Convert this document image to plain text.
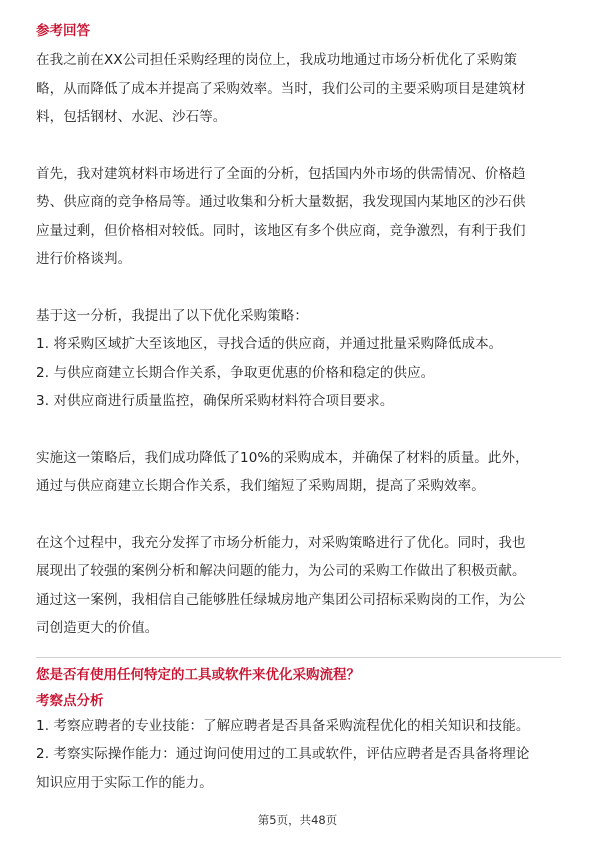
参考回答

在我之前在XX公司担任采购经理的岗位上，我成功地通过市场分析优化了采购策

略，从而降低了成本并提高了采购效率。当时，我们公司的主要采购项目是建筑材

料，包括钢材、水泥、沙石等。

首先，我对建筑材料市场进行了全面的分析，包括国内外市场的供需情况、价格趋

势、供应商的竞争格局等。通过收集和分析大量数据，我发现国内某地区的沙石供

应量过剩，但价格相对较低。同时，该地区有多个供应商，竞争激烈，有利于我们

进行价格谈判。

基于这一分析，我提出了以下优化采购策略：

1. 将采购区域扩大至该地区，寻找合适的供应商，并通过批量采购降低成本。

2. 与供应商建立长期合作关系，争取更优惠的价格和稳定的供应。

3. 对供应商进行质量监控，确保所采购材料符合项目要求。

实施这一策略后，我们成功降低了10%的采购成本，并确保了材料的质量。此外，

通过与供应商建立长期合作关系，我们缩短了采购周期，提高了采购效率。

在这个过程中，我充分发挥了市场分析能力，对采购策略进行了优化。同时，我也

展现出了较强的案例分析和解决问题的能力，为公司的采购工作做出了积极贡献。

通过这一案例，我相信自己能够胜任绿城房地产集团公司招标采购岗的工作，为公

司创造更大的价值。

您是否有使用任何特定的工具或软件来优化采购流程？

考察点分析

1. 考察应聘者的专业技能：了解应聘者是否具备采购流程优化的相关知识和技能。

2. 考察实际操作能力：通过询问使用过的工具或软件，评估应聘者是否具备将理论

知识应用于实际工作的能力。

第5页，共48页
